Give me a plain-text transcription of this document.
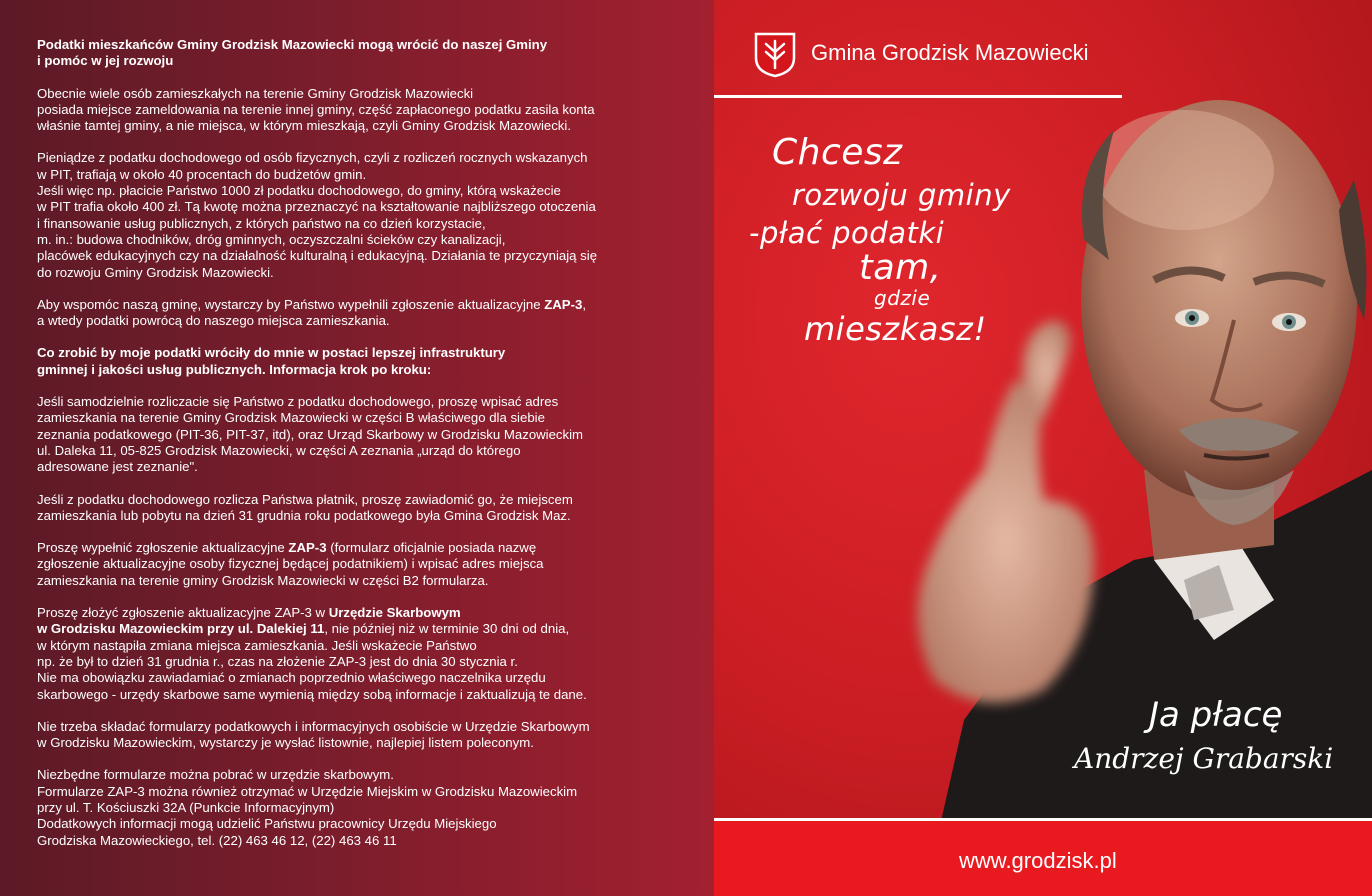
Podatki mieszkańców Gminy Grodzisk Mazowiecki mogą wrócić do naszej Gminy
i pomóc w jej rozwoju

Obecnie wiele osób zamieszkałych na terenie Gminy Grodzisk Mazowiecki
posiada miejsce zameldowania na terenie innej gminy, część zapłaconego podatku zasila konta
właśnie tamtej gminy, a nie miejsca, w którym mieszkają, czyli Gminy Grodzisk Mazowiecki.

Pieniądze z podatku dochodowego od osób fizycznych, czyli z rozliczeń rocznych wskazanych
w PIT, trafiają w około 40 procentach do budżetów gmin.
Jeśli więc np. płacicie Państwo 1000 zł podatku dochodowego, do gminy, którą wskażecie
w PIT trafia około 400 zł. Tą kwotę można przeznaczyć na kształtowanie najbliższego otoczenia
i finansowanie usług publicznych, z których państwo na co dzień korzystacie,
m. in.: budowa chodników, dróg gminnych, oczyszczalni ścieków czy kanalizacji,
placówek edukacyjnych czy na działalność kulturalną i edukacyjną. Działania te przyczyniają się
do rozwoju Gminy Grodzisk Mazowiecki.

Aby wspomóc naszą gminę, wystarczy by Państwo wypełnili zgłoszenie aktualizacyjne ZAP-3,
a wtedy podatki powrócą do naszego miejsca zamieszkania.

Co zrobić by moje podatki wróciły do mnie w postaci lepszej infrastruktury
gminnej i jakości usług publicznych. Informacja krok po kroku:

Jeśli samodzielnie rozliczacie się Państwo z podatku dochodowego, proszę wpisać adres
zamieszkania na terenie Gminy Grodzisk Mazowiecki w części B właściwego dla siebie
zeznania podatkowego (PIT-36, PIT-37, itd), oraz Urząd Skarbowy w Grodzisku Mazowieckim
ul. Daleka 11, 05-825 Grodzisk Mazowiecki, w części A zeznania „urząd do którego
adresowane jest zeznanie".

Jeśli z podatku dochodowego rozlicza Państwa płatnik, proszę zawiadomić go, że miejscem
zamieszkania lub pobytu na dzień 31 grudnia roku podatkowego była Gmina Grodzisk Maz.

Proszę wypełnić zgłoszenie aktualizacyjne ZAP-3 (formularz oficjalnie posiada nazwę
zgłoszenie aktualizacyjne osoby fizycznej będącej podatnikiem) i wpisać adres miejsca
zamieszkania na terenie gminy Grodzisk Mazowiecki w części B2 formularza.

Proszę złożyć zgłoszenie aktualizacyjne ZAP-3 w Urzędzie Skarbowym
w Grodzisku Mazowieckim przy ul. Dalekiej 11, nie później niż w terminie 30 dni od dnia,
w którym nastąpiła zmiana miejsca zamieszkania. Jeśli wskażecie Państwo
np. że był to dzień 31 grudnia r., czas na złożenie ZAP-3 jest do dnia 30 stycznia r.
Nie ma obowiązku zawiadamiać o zmianach poprzednio właściwego naczelnika urzędu
skarbowego - urzędy skarbowe same wymienią między sobą informacje i zaktualizują te dane.

Nie trzeba składać formularzy podatkowych i informacyjnych osobiście w Urzędzie Skarbowym
w Grodzisku Mazowieckim, wystarczy je wysłać listownie, najlepiej listem poleconym.

Niezbędne formularze można pobrać w urzędzie skarbowym.
Formularze ZAP-3 można również otrzymać w Urzędzie Miejskim w Grodzisku Mazowieckim
przy ul. T. Kościuszki 32A (Punkcie Informacyjnym)
Dodatkowych informacji mogą udzielić Państwu pracownicy Urzędu Miejskiego
Grodziska Mazowieckiego, tel. (22) 463 46 12, (22) 463 46 11

Gmina Grodzisk Mazowiecki
Chcesz
rozwoju gminy
-płać podatki
tam,
gdzie
mieszkasz!
Ja płacę
Andrzej Grabarski
www.grodzisk.pl
